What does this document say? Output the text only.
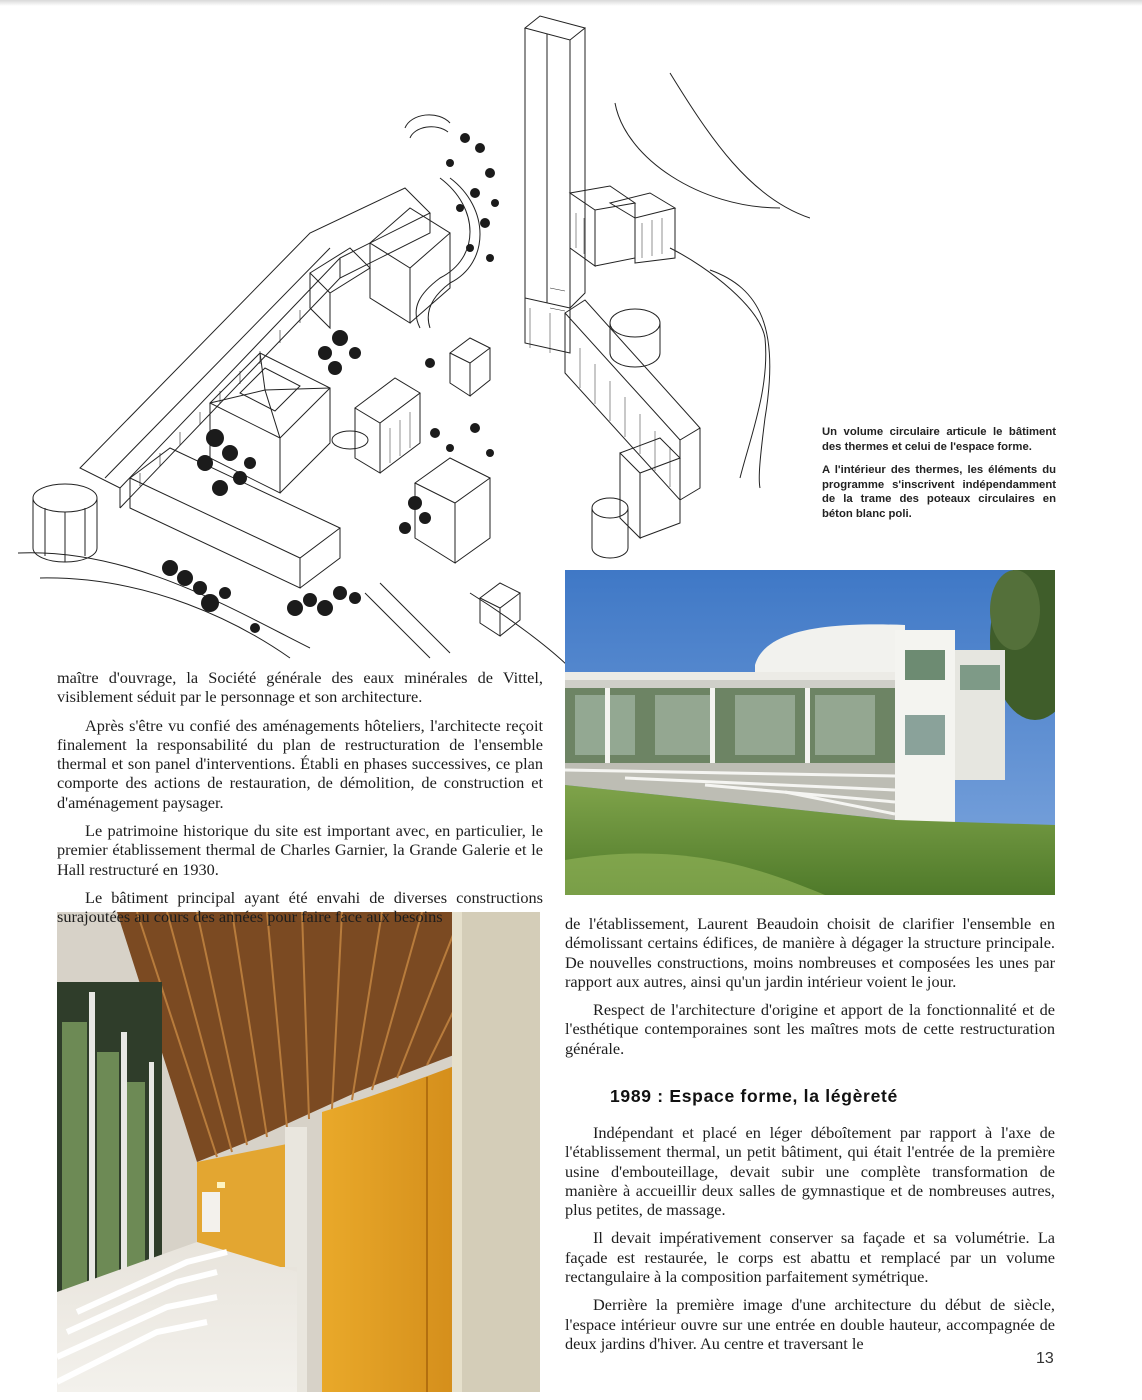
Un volume circulaire articule le bâtiment des thermes et celui de l'espace forme.

A l'intérieur des thermes, les éléments du programme s'inscrivent indépendamment de la trame des poteaux circulaires en béton blanc poli.

maître d'ouvrage, la Société générale des eaux minérales de Vittel, visiblement séduit par le personnage et son architecture.

Après s'être vu confié des aménagements hôteliers, l'architecte reçoit finalement la responsabilité du plan de restructuration de l'ensemble thermal et son panel d'interventions. Établi en phases successives, ce plan comporte des actions de restauration, de démolition, de construction et d'aménagement paysager.

Le patrimoine historique du site est important avec, en particulier, le premier établissement thermal de Charles Garnier, la Grande Galerie et le Hall restructuré en 1930.

Le bâtiment principal ayant été envahi de diverses constructions surajoutées au cours des années pour faire face aux besoins	de l'établissement, Laurent Beaudoin choisit de clarifier l'ensemble en démolissant certains édifices, de manière à dégager la structure principale. De nouvelles constructions, moins nombreuses et composées les unes par rapport aux autres, ainsi qu'un jardin intérieur voient le jour.

Respect de l'architecture d'origine et apport de la fonctionnalité et de l'esthétique contemporaines sont les maîtres mots de cette restructuration générale.

1989 : Espace forme, la légèreté

Indépendant et placé en léger déboîtement par rapport à l'axe de l'établissement thermal, un petit bâtiment, qui était l'entrée de la première usine d'embouteillage, devait subir une complète transformation de manière à accueillir deux salles de gymnastique et de nombreuses autres, plus petites, de massage.

Il devait impérativement conserver sa façade et sa volumétrie. La façade est restaurée, le corps est abattu et remplacé par un volume rectangulaire à la composition parfaitement symétrique.

Derrière la première image d'une architecture du début de siècle, l'espace intérieur ouvre sur une entrée en double hauteur, accompagnée de deux jardins d'hiver. Au centre et traversant le

13
